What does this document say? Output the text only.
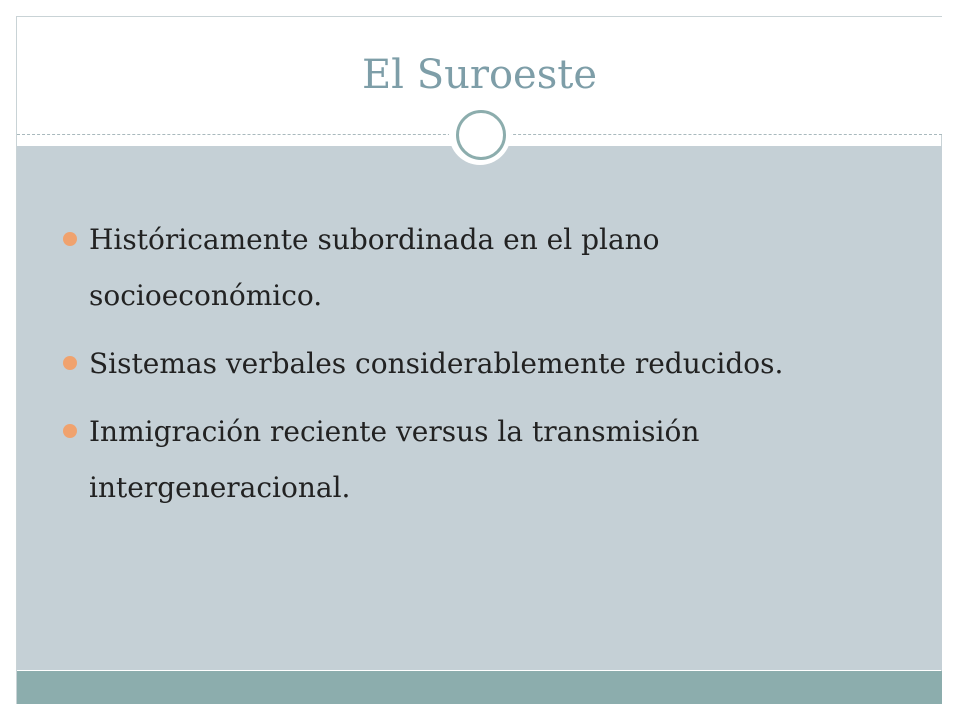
El Suroeste
Históricamente subordinada en el plano socioeconómico.
Sistemas verbales considerablemente reducidos.
Inmigración reciente versus la transmisión intergeneracional.
